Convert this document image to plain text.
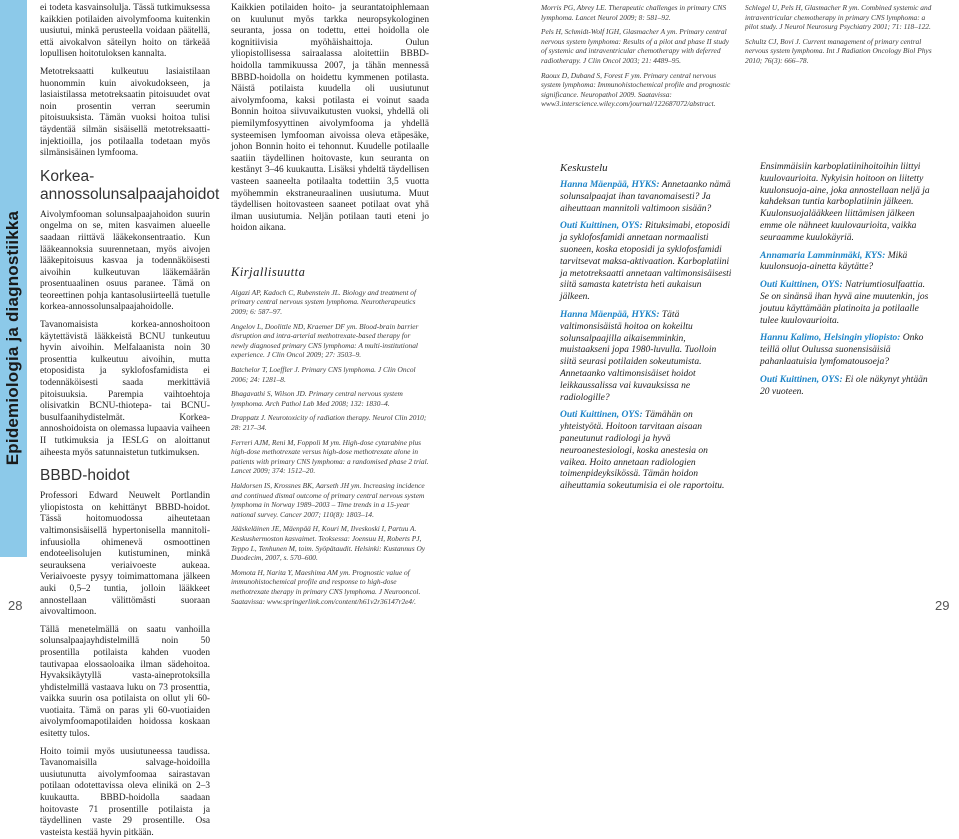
Epidemiologia ja diagnostiikka
28	29

ei todeta kasvainsolulja. Tässä tutkimuksessa kaikkien potilaiden aivolymfooma kuitenkin uusiutui, minkä perusteella voidaan päätellä, että aivokalvon säteilyn hoito on tärkeää lopullisen hoitotuloksen kannalta.

Metotreksaatti kulkeutuu lasiaistilaan huonommin kuin aivokudokseen, ja lasiaistilassa metotreksaatin pitoisuudet ovat noin prosentin verran seerumin pitoisuuksista. Tämän vuoksi hoitoa tulisi täydentää silmän sisäisellä metotreksaatti-injektioilla, jos potilaalla todetaan myös silmänsisäinen lymfooma.

Korkea-annossolunsalpaajahoidot

Aivolymfooman solunsalpaajahoidon suurin ongelma on se, miten kasvaimen alueelle saadaan riittävä lääkekonsentraatio. Kun lääkeannoksia suurennetaan, myös aivojen lääkepitoisuus kasvaa ja todennäköisesti aivoihin kulkeutuvan lääkemäärän prosentuaalinen osuus paranee. Tämä on teoreettinen pohja kantasolusiirteellä tuetulle korkea-annossolunsalpaajahoidolle.

Tavanomaisista korkea-annoshoitoon käytettävistä lääkkeistä BCNU tunkeutuu hyvin aivoihin. Melfalaanista noin 30 prosenttia kulkeutuu aivoihin, mutta etoposidista ja syklofosfamidista ei todennäköisesti saada merkittäviä pitoisuuksia. Parempia vaihtoehtoja olisivatkin BCNU-thiotepa- tai BCNU-busulfaanihydistelmät. Korkea-annoshoidoista on olemassa lupaavia vaiheen II tutkimuksia ja IESLG on aloittanut aiheesta myös satunnaistetun tutkimuksen.

BBBD-hoidot

Professori Edward Neuwelt Portlandin yliopistosta on kehittänyt BBBD-hoidot. Tässä hoitomuodossa aiheutetaan valtimonsisäisellä hypertonisella mannitoli-infuusiolla ohimenevä osmoottinen endoteelisolujen kutistuminen, minkä seurauksena veriaivoeste aukeaa. Veriaivoeste pysyy toimimattomana jälkeen auki 0,5–2 tuntia, jolloin lääkkeet annostellaan välittömästi suoraan aivovaltimoon.

Tällä menetelmällä on saatu vanhoilla solunsalpaajayhdistelmillä noin 50 prosentilla potilaista kahden vuoden tautivapaa elossaoloaika ilman sädehoitoa. Hyvaksikäytyllä vasta-aineprotoksilla yhdistelmillä vastaava luku on 73 prosenttia, vaikka suurin osa potilaista on ollut yli 60-vuotiaita. Tämä on paras yli 60-vuotiaiden aivolymfoomapotilaiden hoidossa koskaan esitetty tulos.

Hoito toimii myös uusiutuneessa taudissa. Tavanomaisilla salvage-hoidoilla uusiutunutta aivolymfoomaa sairastavan potilaan odotettavissa oleva elinikä on 2–3 kuukautta. BBBD-hoidolla saadaan hoitovaste 71 prosentille potilaista ja täydellinen vaste 29 prosentille. Osa vasteista kestää hyvin pitkään.

Kaikkien potilaiden hoito- ja seurantatoiphlemaan on kuulunut myös tarkka neuropsykologinen seuranta, jossa on todettu, ettei hoidolla ole kognitiivisia myöhäishaittoja. Oulun yliopistollisessa sairaalassa aloitettiin BBBD-hoidolla tammikuussa 2007, ja tähän mennessä BBBD-hoidolla on hoidettu kymmenen potilasta. Näistä potilaista kuudella oli uusiutunut aivolymfooma, kaksi potilasta ei voinut saada Bonnin hoitoa siivuvaikutusten vuoksi, yhdellä oli piemilymfosyyttinen aivolymfooma ja yhdellä systeemisen lymfooman aivoissa oleva etäpesäke, johon Bonnin hoito ei tehonnut. Kuudelle potilaalle saatiin täydellinen hoitovaste, kun seuranta on kestänyt 3–46 kuukautta. Lisäksi yhdeltä täydellisen vasteen saaneelta potilaalta todettiin 3,5 vuotta myöhemmin ekstraneuraalinen uusiutuma. Muut täydellisen hoitovasteen saaneet potilaat ovat yhä ilman uusiutumia. Neljän potilaan tauti eteni jo hoidon aikana.

Kirjallisuutta

Algazi AP, Kadoch C, Rubenstein JL. Biology and treatment of primary central nervous system lymphoma. Neurotherapeutics 2009; 6: 587–97.

Angelov L, Doolittle ND, Kraemer DF ym. Blood-brain barrier disruption and intra-arterial methotrexate-based therapy for newly diagnosed primary CNS lymphoma: A multi-institutional experience. J Clin Oncol 2009; 27: 3503–9.

Batchelor T, Loeffler J. Primary CNS lymphoma. J Clin Oncol 2006; 24: 1281–8.

Bhagavathi S, Wilson JD. Primary central nervous system lymphoma. Arch Pathol Lab Med 2008; 132: 1830–4.

Drappatz J. Neurotoxicity of radiation therapy. Neurol Clin 2010; 28: 217–34.

Ferreri AJM, Reni M, Foppoli M ym. High-dose cytarabine plus high-dose methotrexate versus high-dose methotrexate alone in patients with primary CNS lymphoma: a randomised phase 2 trial. Lancet 2009; 374: 1512–20.

Haldorsen IS, Krossnes BK, Aarseth JH ym. Increasing incidence and continued dismal outcome of primary central nervous system lymphoma in Norway 1989–2003 – Time trends in a 15-year national survey. Cancer 2007; 110(8): 1803–14.

Jääskeläinen JE, Mäenpää H, Kouri M, Ilveskoski I, Partuu A. Keskushermoston kasvaimet. Teoksessa: Joensuu H, Roberts PJ, Teppo L, Tenhunen M, toim. Syöpätaudit. Helsinki: Kustannus Oy Duodecim, 2007, s. 570–600.

Momota H, Narita Y, Maeshima AM ym. Prognostic value of immunohistochemical profile and response to high-dose methotrexate therapy in primary CNS lymphoma. J Neurooncol. Saatavissa: www.springerlink.com/content/h61v2r36147r2e4/.

Morris PG, Abrey LE. Therapeutic challenges in primary CNS lymphoma. Lancet Neurol 2009; 8: 581–92.

Pels H, Schmidt-Wolf IGH, Glasmacher A ym. Primary central nervous system lymphoma: Results of a pilot and phase II study of systemic and intraventricular chemotherapy with deferred radiotherapy. J Clin Oncol 2003; 21: 4489–95.

Raoux D, Duband S, Forest F ym. Primary central nervous system lymphoma: Immunohistochemical profile and prognostic significance. Neuropathol 2009. Saatavissa: www3.interscience.wiley.com/journal/122687072/abstract.

Schlegel U, Pels H, Glasmacher R ym. Combined systemic and intraventricular chemotherapy in primary CNS lymphoma: a pilot study. J Neurol Neurosurg Psychiatry 2001; 71: 118–122.

Schultz CJ, Bovi J. Current management of primary central nervous system lymphoma. Int J Radiation Oncology Biol Phys 2010; 76(3): 666–78.

Keskustelu

Hanna Mäenpää, HYKS: Annetaanko nämä solunsalpaajat ihan tavanomaisesti? Ja aiheuttaan mannitoli valtimoon sisään?

Outi Kuittinen, OYS: Rituksimabi, etoposidi ja syklofosfamidi annetaan normaalisti suoneen, koska etoposidi ja syklofosfamidi tarvitsevat maksa-aktivaation. Karboplatiini ja metotreksaatti annetaan valtimonsisäisesti siitä samasta katetrista heti aukaisun jälkeen.

Hanna Mäenpää, HYKS: Tätä valtimonsisäistä hoitoa on kokeiltu solunsalpaajilla aikaisemminkin, muistaakseni jopa 1980-luvulla. Tuolloin siitä seurasi potilaiden sokeutumista. Annetaanko valtimonsisäiset hoidot leikkaussalissa vai kuvauksissa ne radiologille?

Outi Kuittinen, OYS: Tämähän on yhteistyötä. Hoitoon tarvitaan aisaan paneutunut radiologi ja hyvä neuroanestesiologi, koska anestesia on vaikea. Hoito annetaan radiologien toimenpideyksikössä. Tämän hoidon aiheuttamia sokeutumisia ei ole raportoitu.

Ensimmäisiin karboplatiinihoitoihin liittyi kuulovaurioita. Nykyisin hoitoon on liitetty kuulonsuoja-aine, joka annostellaan neljä ja kahdeksan tuntia karboplatiinin jälkeen. Kuulonsuojalääkkeen liittämisen jälkeen emme ole nähneet kuulovaurioita, vaikka seuraamme kuulokäyriä.

Annamaria Lamminmäki, KYS: Mikä kuulonsuoja-ainetta käytätte?

Outi Kuittinen, OYS: Natriumtiosulfaattia. Se on sinänsä ihan hyvä aine muutenkin, jos joutuu käyttämään platinoita ja potilaalle tulee kuulovaurioita.

Hannu Kalimo, Helsingin yliopisto: Onko teillä ollut Oulussa suonensisäisiä pahanlaatuisia lymfomatousoeja?

Outi Kuittinen, OYS: Ei ole näkynyt yhtään 20 vuoteen.
